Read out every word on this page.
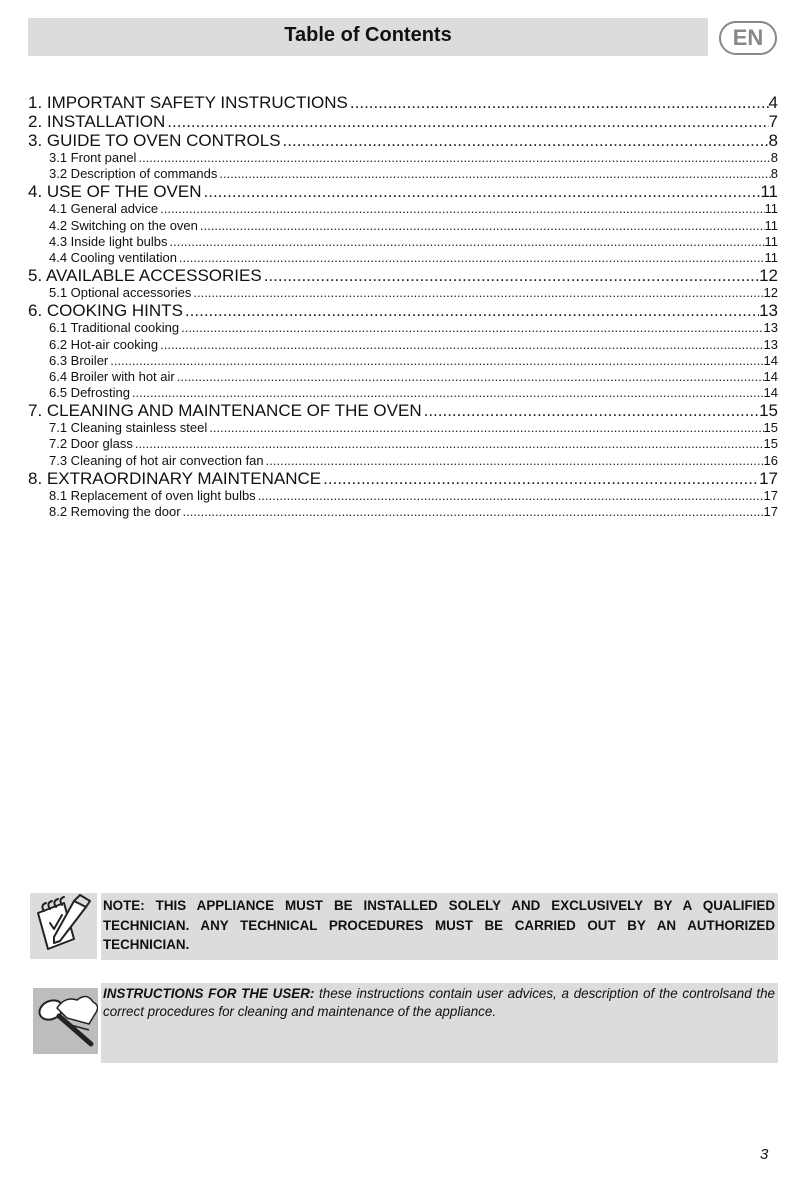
Table of Contents	EN
1. IMPORTANT SAFETY INSTRUCTIONS .....	4
2. INSTALLATION .....	7
3. GUIDE TO OVEN CONTROLS .....	8
3.1 Front panel .....	8
3.2 Description of commands .....	8
4. USE OF THE OVEN .....	11
4.1 General advice .....	11
4.2 Switching on the oven .....	11
4.3 Inside light bulbs .....	11
4.4 Cooling ventilation .....	11
5. AVAILABLE ACCESSORIES .....	12
5.1 Optional accessories .....	12
6. COOKING HINTS .....	13
6.1 Traditional cooking .....	13
6.2 Hot-air cooking .....	13
6.3 Broiler .....	14
6.4 Broiler with hot air .....	14
6.5 Defrosting .....	14
7. CLEANING AND MAINTENANCE OF THE OVEN .....	15
7.1 Cleaning stainless steel .....	15
7.2 Door glass .....	15
7.3 Cleaning of hot air convection fan .....	16
8. EXTRAORDINARY MAINTENANCE .....	17
8.1 Replacement of oven light bulbs .....	17
8.2 Removing the door .....	17
NOTE: THIS APPLIANCE MUST BE INSTALLED SOLELY AND EXCLUSIVELY BY A QUALIFIED TECHNICIAN. ANY TECHNICAL PROCEDURES MUST BE CARRIED OUT BY AN AUTHORIZED TECHNICIAN.
INSTRUCTIONS FOR THE USER: these instructions contain user advices, a description of the controlsand the correct procedures for cleaning and maintenance of the appliance.
3
